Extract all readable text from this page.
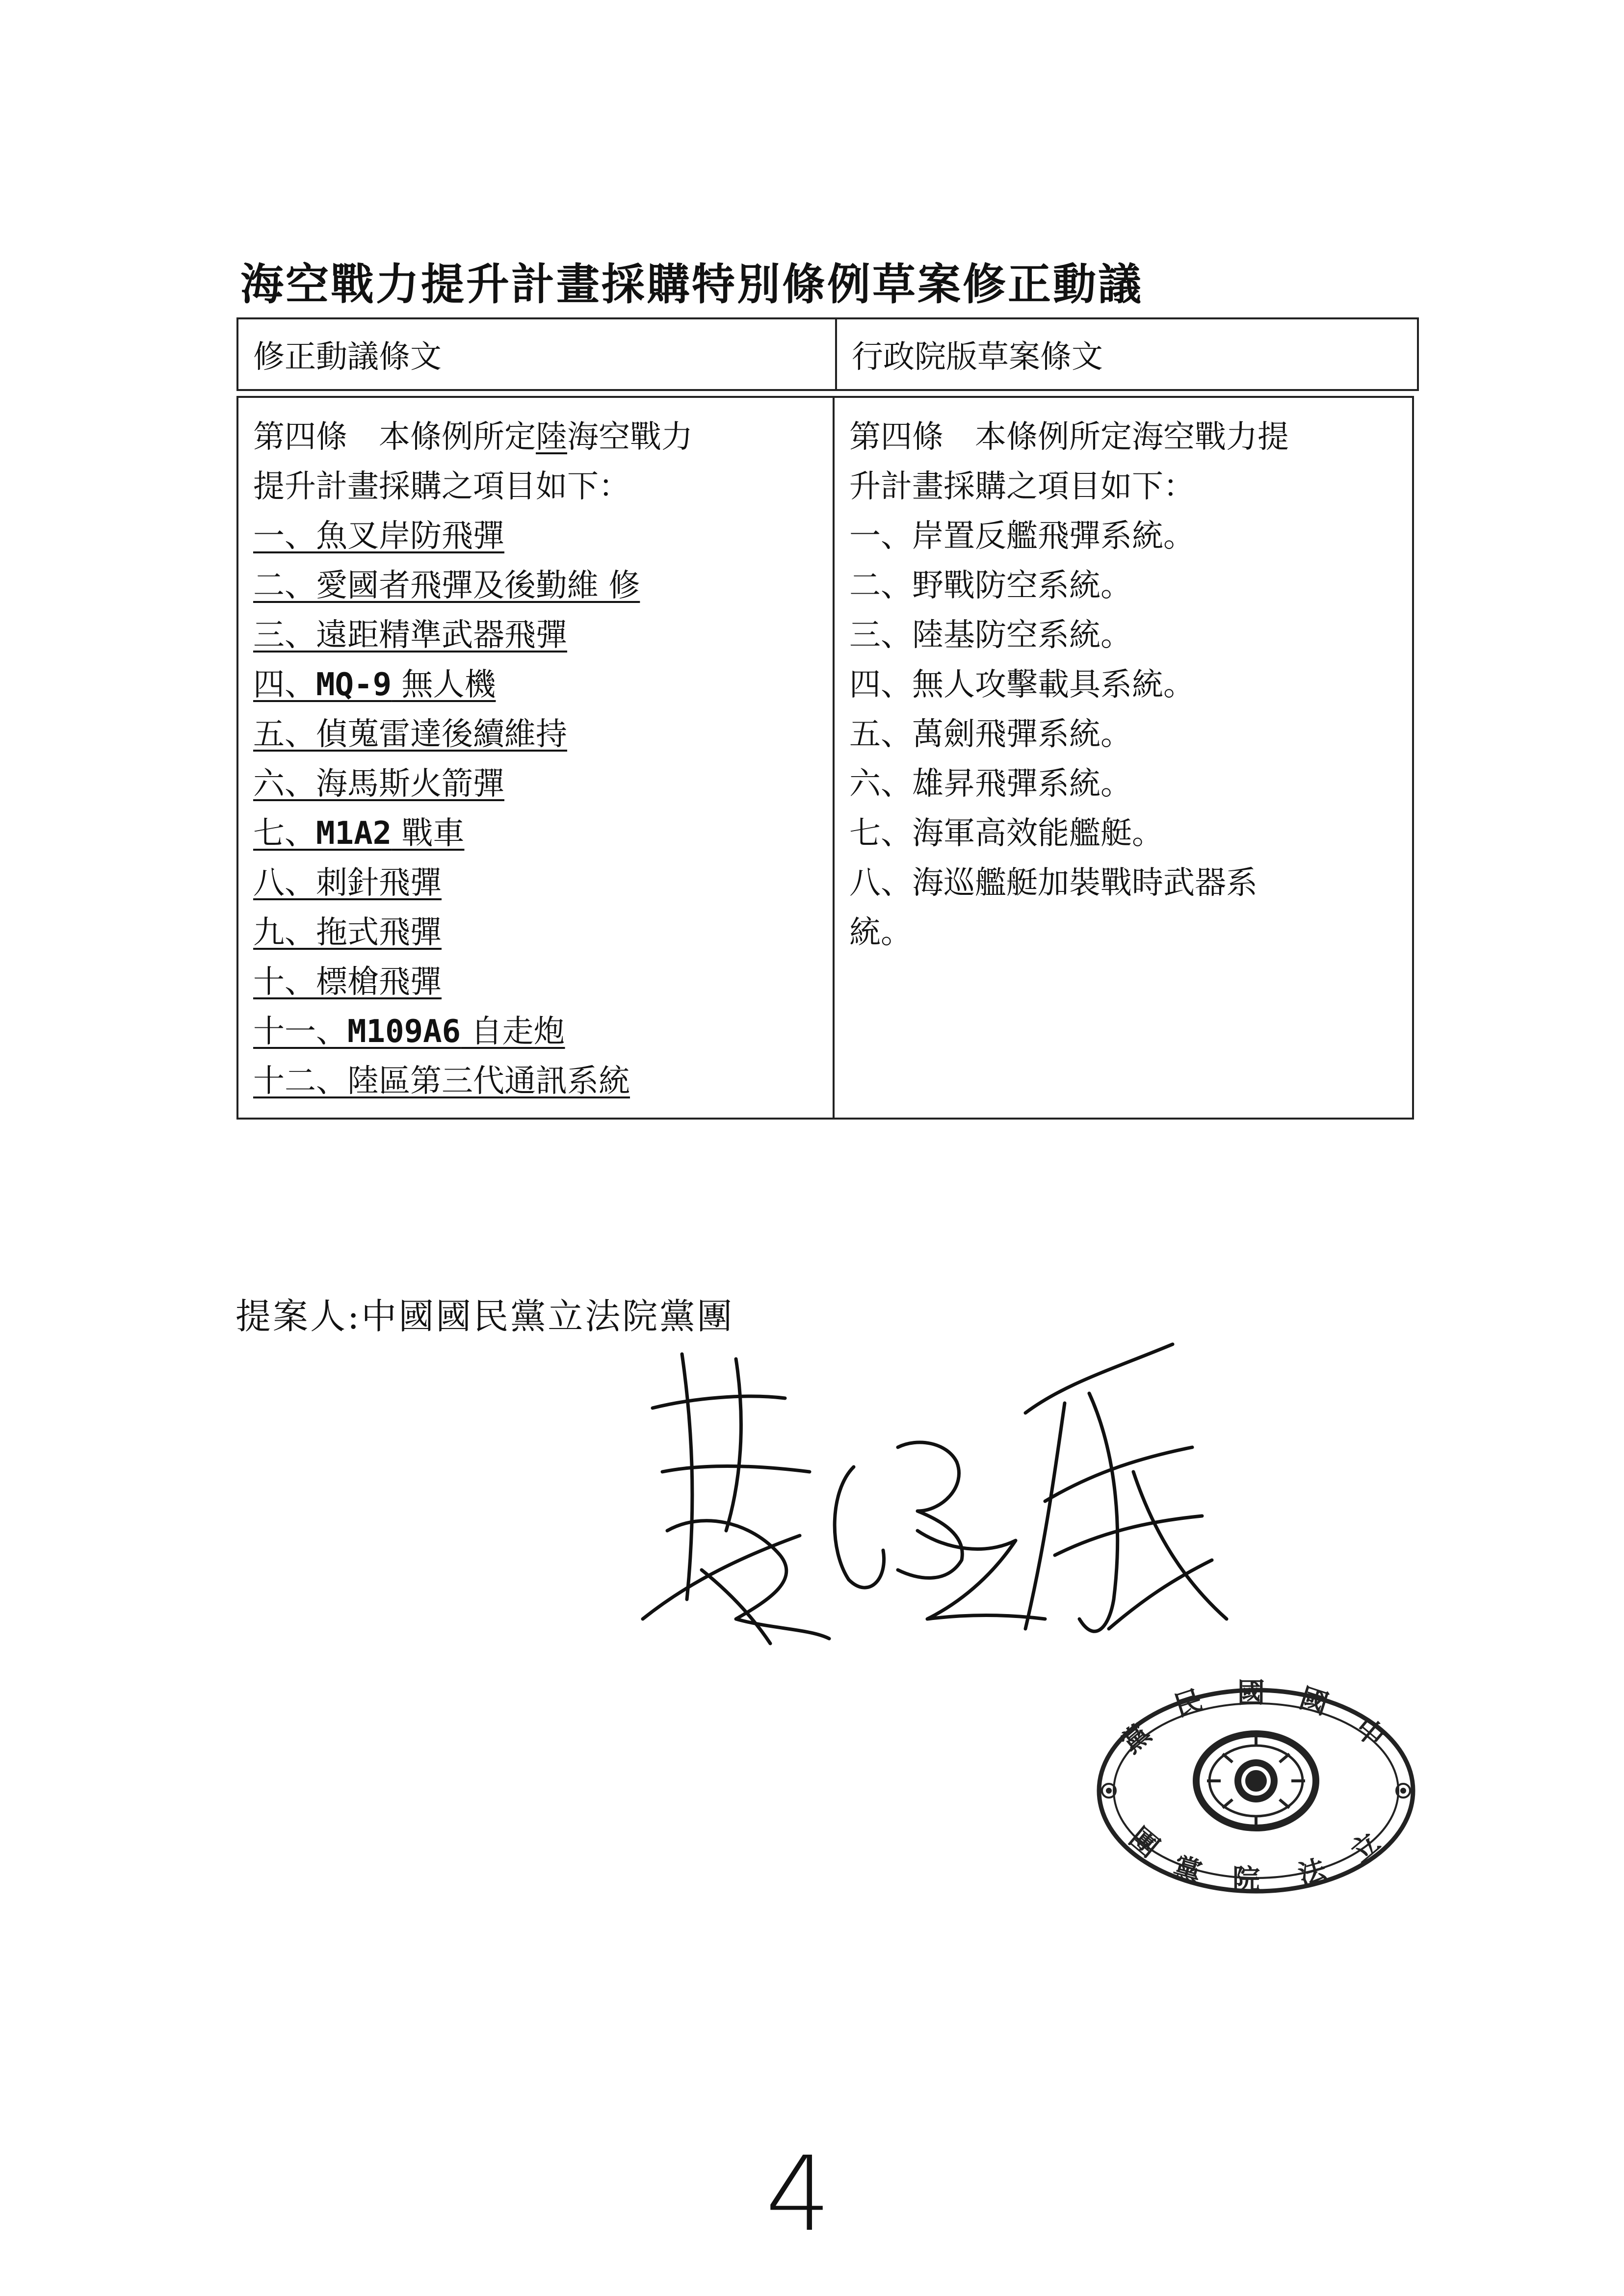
海空戰力提升計畫採購特別條例草案修正動議
修正動議條文	行政院版草案條文
第四條　本條例所定陸海空戰力
提升計畫採購之項目如下：
一、魚叉岸防飛彈
二、愛國者飛彈及後勤維 修
三、遠距精準武器飛彈
四、MQ-9 無人機
五、偵蒐雷達後續維持
六、海馬斯火箭彈
七、M1A2 戰車
八、刺針飛彈
九、拖式飛彈
十、標槍飛彈
十一、M109A6 自走炮
十二、陸區第三代通訊系統
第四條　本條例所定海空戰力提
升計畫採購之項目如下：
一、岸置反艦飛彈系統。
二、野戰防空系統。
三、陸基防空系統。
四、無人攻擊載具系統。
五、萬劍飛彈系統。
六、雄昇飛彈系統。
七、海軍高效能艦艇。
八、海巡艦艇加裝戰時武器系
統。

提案人:中國國民黨立法院黨團

黨
民 國 國
中
立
法
院
黨
團
4
